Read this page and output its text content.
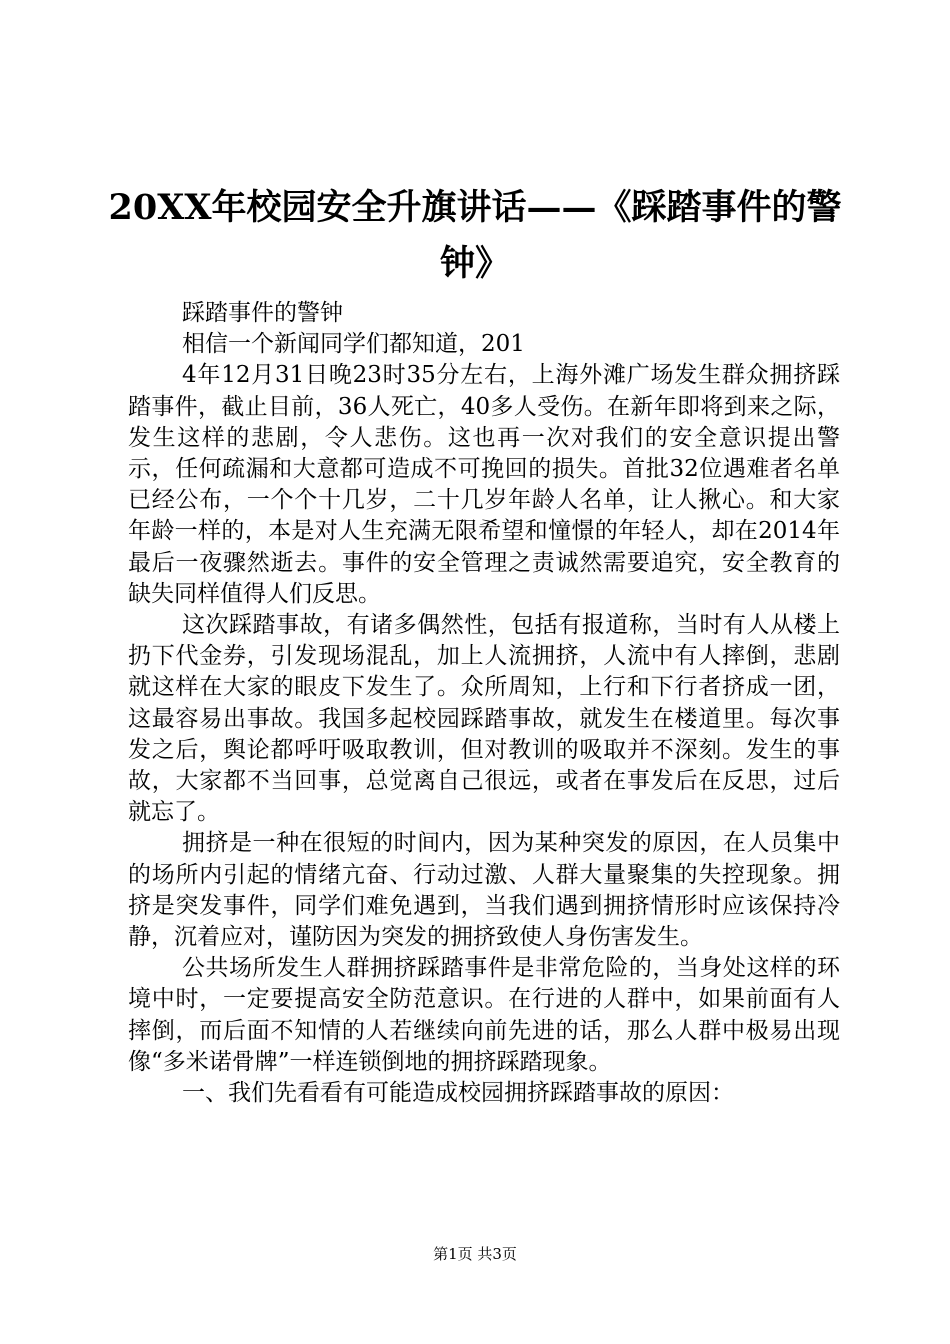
20XX年校园安全升旗讲话——《踩踏事件的警钟》

踩踏事件的警钟

相信一个新闻同学们都知道，201

4年12月31日晚23时35分左右，上海外滩广场发生群众拥挤踩踏事件，截止目前，36人死亡，40多人受伤。在新年即将到来之际，发生这样的悲剧，令人悲伤。这也再一次对我们的安全意识提出警示，任何疏漏和大意都可造成不可挽回的损失。首批32位遇难者名单已经公布，一个个十几岁，二十几岁年龄人名单，让人揪心。和大家年龄一样的，本是对人生充满无限希望和憧憬的年轻人，却在2014年最后一夜骤然逝去。事件的安全管理之责诚然需要追究，安全教育的缺失同样值得人们反思。

这次踩踏事故，有诸多偶然性，包括有报道称，当时有人从楼上扔下代金券，引发现场混乱，加上人流拥挤，人流中有人摔倒，悲剧就这样在大家的眼皮下发生了。众所周知，上行和下行者挤成一团，这最容易出事故。我国多起校园踩踏事故，就发生在楼道里。每次事发之后，舆论都呼吁吸取教训，但对教训的吸取并不深刻。发生的事故，大家都不当回事，总觉离自己很远，或者在事发后在反思，过后就忘了。

拥挤是一种在很短的时间内，因为某种突发的原因，在人员集中的场所内引起的情绪亢奋、行动过激、人群大量聚集的失控现象。拥挤是突发事件，同学们难免遇到，当我们遇到拥挤情形时应该保持冷静，沉着应对，谨防因为突发的拥挤致使人身伤害发生。

公共场所发生人群拥挤踩踏事件是非常危险的，当身处这样的环境中时，一定要提高安全防范意识。在行进的人群中，如果前面有人摔倒，而后面不知情的人若继续向前先进的话，那么人群中极易出现像“多米诺骨牌”一样连锁倒地的拥挤踩踏现象。

一、我们先看看有可能造成校园拥挤踩踏事故的原因：

第1页 共3页
